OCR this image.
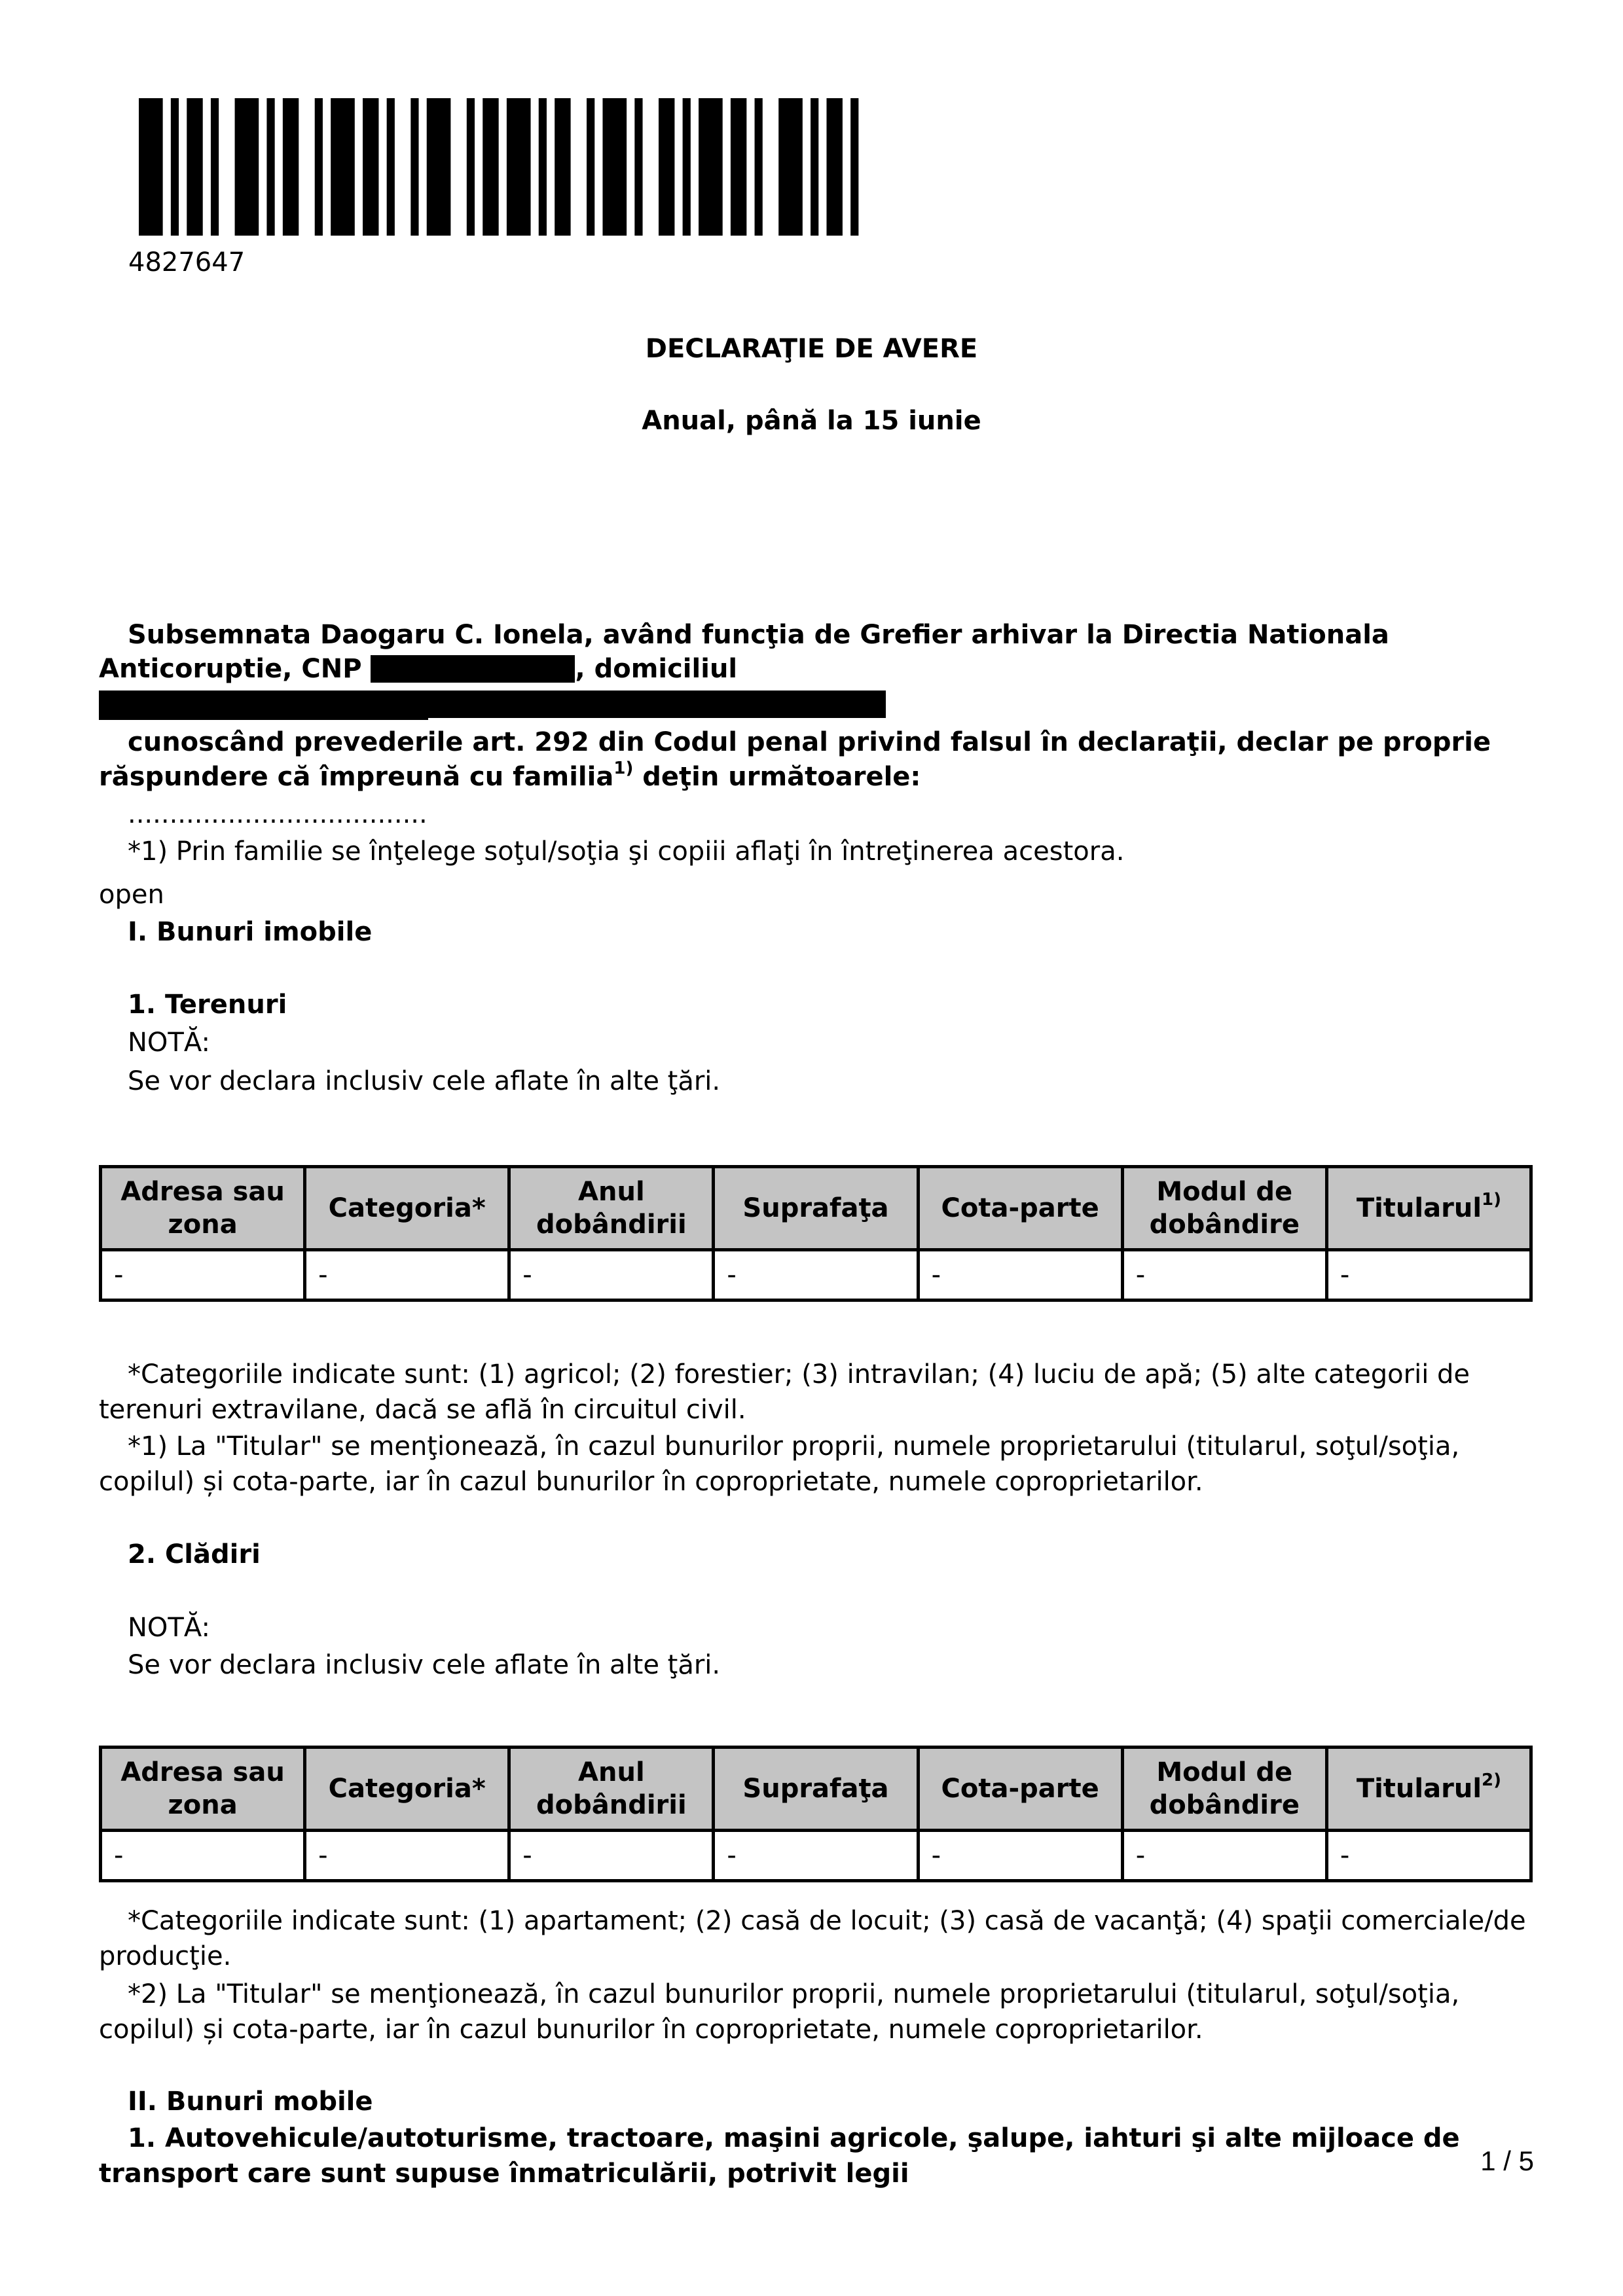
4827647
DECLARAŢIE DE AVERE
Anual, până la 15 iunie
Subsemnata Daogaru C. Ionela, având funcţia de Grefier arhivar la Directia Nationala
Anticoruptie, CNP	, domiciliul
cunoscând prevederile art. 292 din Codul penal privind falsul în declaraţii, declar pe proprie
răspundere că împreună cu familia$^{1)}$ deţin următoarele:
....................................
*1) Prin familie se înţelege soţul/soţia şi copiii aflaţi în întreţinerea acestora.
open
I. Bunuri imobile
1. Terenuri
NOTĂ:
Se vor declara inclusiv cele aflate în alte ţări.
Adresa sau zona	Categoria*	Anul dobândirii	Suprafaţa	Cota-parte	Modul de dobândire	Titularul$^{1)}$
-	-	-	-	-	-	-
*Categoriile indicate sunt: (1) agricol; (2) forestier; (3) intravilan; (4) luciu de apă; (5) alte categorii de terenuri extravilane, dacă se află în circuitul civil.
*1) La "Titular" se menţionează, în cazul bunurilor proprii, numele proprietarului (titularul, soţul/soţia, copilul) și cota-parte, iar în cazul bunurilor în coproprietate, numele coproprietarilor.
2. Clădiri
NOTĂ:
Se vor declara inclusiv cele aflate în alte ţări.
Adresa sau zona	Categoria*	Anul dobândirii	Suprafaţa	Cota-parte	Modul de dobândire	Titularul$^{2)}$
-	-	-	-	-	-	-
*Categoriile indicate sunt: (1) apartament; (2) casă de locuit; (3) casă de vacanţă; (4) spaţii comerciale/de producţie.
*2) La "Titular" se menţionează, în cazul bunurilor proprii, numele proprietarului (titularul, soţul/soţia, copilul) și cota-parte, iar în cazul bunurilor în coproprietate, numele coproprietarilor.
II. Bunuri mobile
1. Autovehicule/autoturisme, tractoare, maşini agricole, şalupe, iahturi şi alte mijloace de transport care sunt supuse înmatriculării, potrivit legii	1 / 5
